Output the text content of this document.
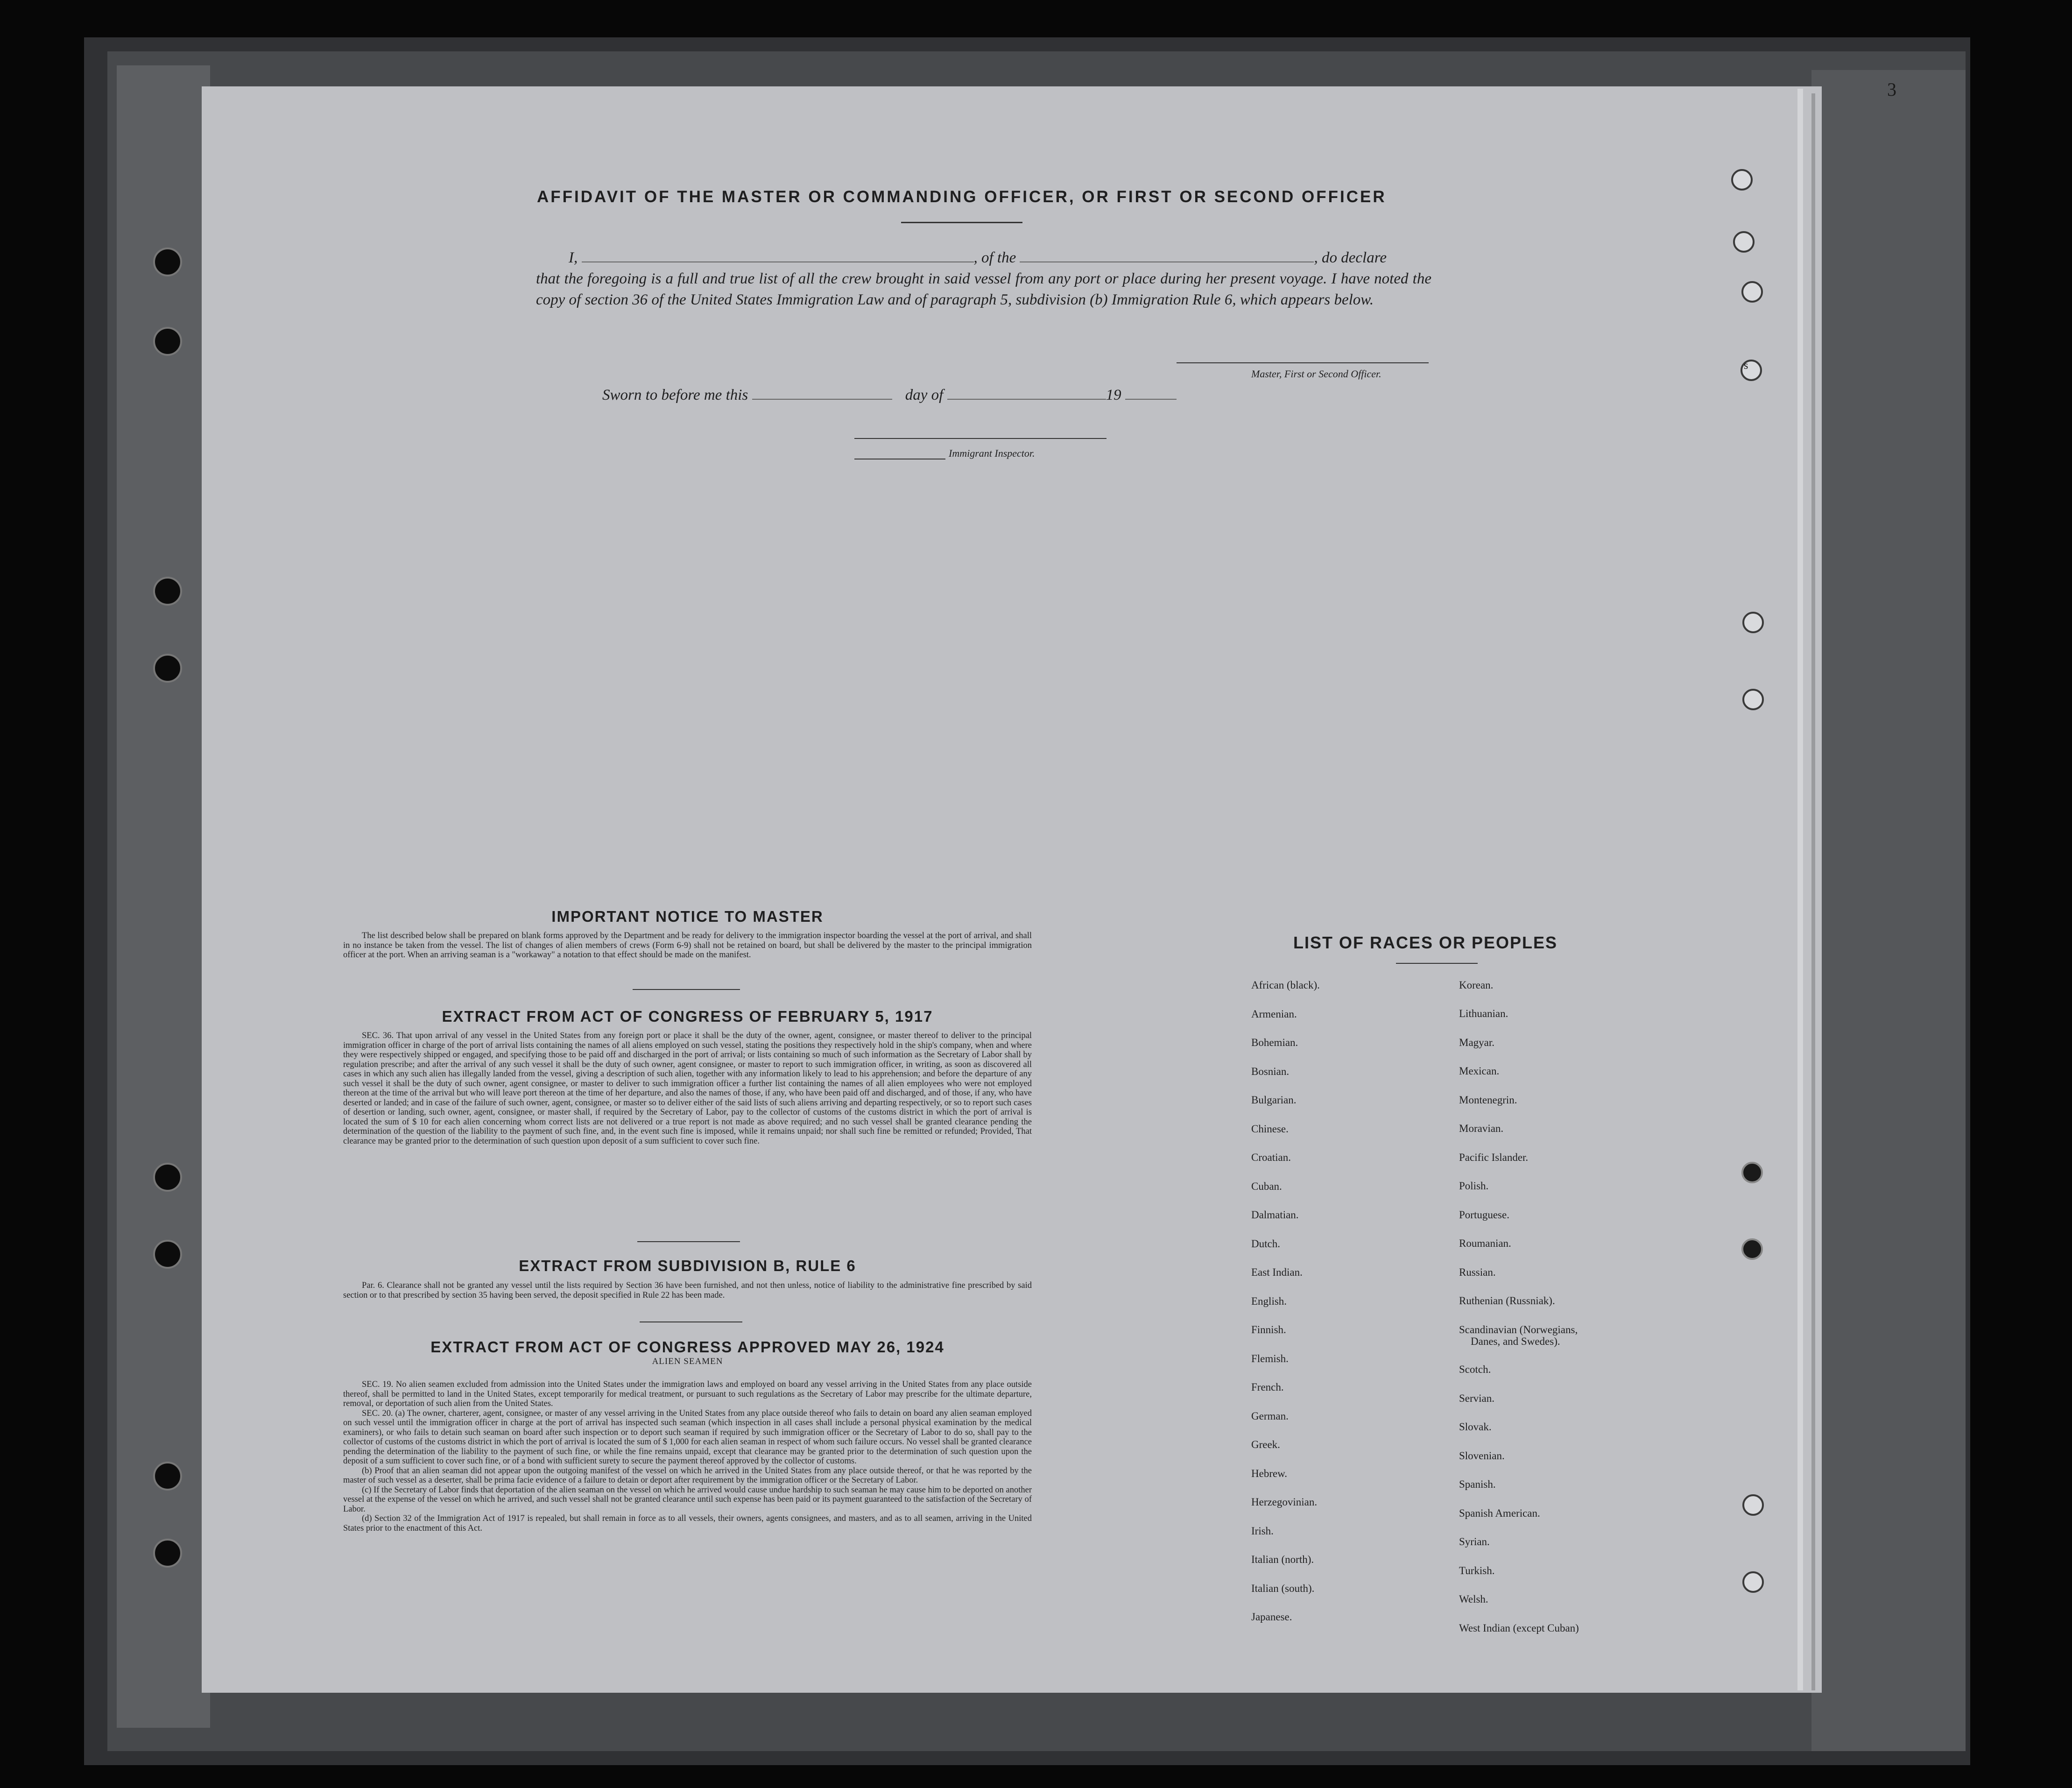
3
s
AFFIDAVIT OF THE MASTER OR COMMANDING OFFICER, OR FIRST OR SECOND OFFICER
I,	, of the	, do declare
that the foregoing is a full and true list of all the crew brought in said vessel from any port or place during her present voyage. I have noted the copy of section 36 of the United States Immigration Law and of paragraph 5, subdivision (b) Immigration Rule 6, which appears below.
Master, First or Second Officer.
Sworn to before me this	day of	19
Immigrant Inspector.
IMPORTANT NOTICE TO MASTER
The list described below shall be prepared on blank forms approved by the Department and be ready for delivery to the immigration inspector boarding the vessel at the port of arrival, and shall in no instance be taken from the vessel. The list of changes of alien members of crews (Form 6-9) shall not be retained on board, but shall be delivered by the master to the principal immigration officer at the port. When an arriving seaman is a "workaway" a notation to that effect should be made on the manifest.
EXTRACT FROM ACT OF CONGRESS OF FEBRUARY 5, 1917
SEC. 36. That upon arrival of any vessel in the United States from any foreign port or place it shall be the duty of the owner, agent, consignee, or master thereof to deliver to the principal immigration officer in charge of the port of arrival lists containing the names of all aliens employed on such vessel, stating the positions they respectively hold in the ship's company, when and where they were respectively shipped or engaged, and specifying those to be paid off and discharged in the port of arrival; or lists containing so much of such information as the Secretary of Labor shall by regulation prescribe; and after the arrival of any such vessel it shall be the duty of such owner, agent consignee, or master to report to such immigration officer, in writing, as soon as discovered all cases in which any such alien has illegally landed from the vessel, giving a description of such alien, together with any information likely to lead to his apprehension; and before the departure of any such vessel it shall be the duty of such owner, agent consignee, or master to deliver to such immigration officer a further list containing the names of all alien employees who were not employed thereon at the time of the arrival but who will leave port thereon at the time of her departure, and also the names of those, if any, who have been paid off and discharged, and of those, if any, who have deserted or landed; and in case of the failure of such owner, agent, consignee, or master so to deliver either of the said lists of such aliens arriving and departing respectively, or so to report such cases of desertion or landing, such owner, agent, consignee, or master shall, if required by the Secretary of Labor, pay to the collector of customs of the customs district in which the port of arrival is located the sum of $ 10 for each alien concerning whom correct lists are not delivered or a true report is not made as above required; and no such vessel shall be granted clearance pending the determination of the question of the liability to the payment of such fine, and, in the event such fine is imposed, while it remains unpaid; nor shall such fine be remitted or refunded; Provided, That clearance may be granted prior to the determination of such question upon deposit of a sum sufficient to cover such fine.
EXTRACT FROM SUBDIVISION B, RULE 6
Par. 6. Clearance shall not be granted any vessel until the lists required by Section 36 have been furnished, and not then unless, notice of liability to the administrative fine prescribed by said section or to that prescribed by section 35 having been served, the deposit specified in Rule 22 has been made.
EXTRACT FROM ACT OF CONGRESS APPROVED MAY 26, 1924
ALIEN SEAMEN

SEC. 19. No alien seamen excluded from admission into the United States under the immigration laws and employed on board any vessel arriving in the United States from any place outside thereof, shall be permitted to land in the United States, except temporarily for medical treatment, or pursuant to such regulations as the Secretary of Labor may prescribe for the ultimate departure, removal, or deportation of such alien from the United States.

SEC. 20. (a) The owner, charterer, agent, consignee, or master of any vessel arriving in the United States from any place outside thereof who fails to detain on board any alien seaman employed on such vessel until the immigration officer in charge at the port of arrival has inspected such seaman (which inspection in all cases shall include a personal physical examination by the medical examiners), or who fails to detain such seaman on board after such inspection or to deport such seaman if required by such immigration officer or the Secretary of Labor to do so, shall pay to the collector of customs of the customs district in which the port of arrival is located the sum of $ 1,000 for each alien seaman in respect of whom such failure occurs. No vessel shall be granted clearance pending the determination of the liability to the payment of such fine, or while the fine remains unpaid, except that clearance may be granted prior to the determination of such question upon the deposit of a sum sufficient to cover such fine, or of a bond with sufficient surety to secure the payment thereof approved by the collector of customs.

(b) Proof that an alien seaman did not appear upon the outgoing manifest of the vessel on which he arrived in the United States from any place outside thereof, or that he was reported by the master of such vessel as a deserter, shall be prima facie evidence of a failure to detain or deport after requirement by the immigration officer or the Secretary of Labor.

(c) If the Secretary of Labor finds that deportation of the alien seaman on the vessel on which he arrived would cause undue hardship to such seaman he may cause him to be deported on another vessel at the expense of the vessel on which he arrived, and such vessel shall not be granted clearance until such expense has been paid or its payment guaranteed to the satisfaction of the Secretary of Labor.

(d) Section 32 of the Immigration Act of 1917 is repealed, but shall remain in force as to all vessels, their owners, agents consignees, and masters, and as to all seamen, arriving in the United States prior to the enactment of this Act.

LIST OF RACES OR PEOPLES
African (black).
Armenian.
Bohemian.
Bosnian.
Bulgarian.
Chinese.
Croatian.
Cuban.
Dalmatian.
Dutch.
East Indian.
English.
Finnish.
Flemish.
French.
German.
Greek.
Hebrew.
Herzegovinian.
Irish.
Italian (north).
Italian (south).
Japanese.
Korean.
Lithuanian.
Magyar.
Mexican.
Montenegrin.
Moravian.
Pacific Islander.
Polish.
Portuguese.
Roumanian.
Russian.
Ruthenian (Russniak).
Scandinavian (Norwegians,
Danes, and Swedes).
Scotch.
Servian.
Slovak.
Slovenian.
Spanish.
Spanish American.
Syrian.
Turkish.
Welsh.
West Indian (except Cuban)
